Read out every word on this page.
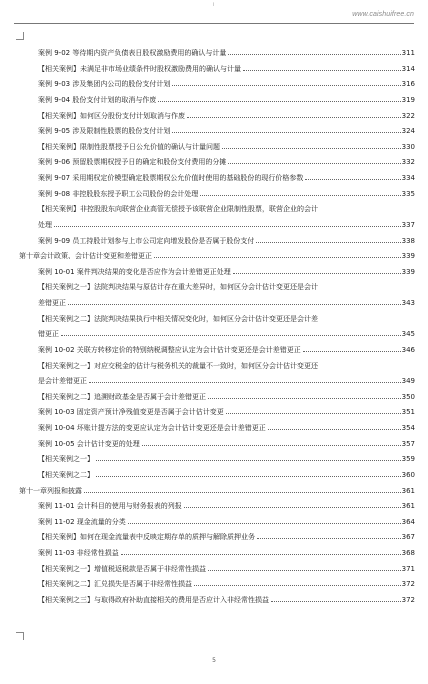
i
www.caishuifree.cn
案例 9-02 等待期内资产负债表日股权激励费用的确认与计量	311
【相关案例】未满足非市场业绩条件时股权激励费用的确认与计量	314
案例 9-03 涉及集团内公司的股份支付计划	316
案例 9-04 股份支付计划的取消与作废	319
【相关案例】如何区分股份支付计划取消与作废	322
案例 9-05 涉及限制性股票的股份支付计划	324
【相关案例】限制性股票授予日公允价值的确认与计量问题	330
案例 9-06 预留股票期权授予日的确定和股份支付费用的分摊	332
案例 9-07 采用期权定价模型确定股票期权公允价值时使用的基础股份的现行价格参数	334
案例 9-08 非控股股东授予职工公司股份的会计处理	335
【相关案例】非控股股东向联营企业高管无偿授予该联营企业限制性股票，联营企业的会计
处理	337
案例 9-09 员工持股计划参与上市公司定向增发股份是否属于股份支付	338
第十章会计政策、会计估计变更和差错更正	339
案例 10-01 案件判决结果的变化是否应作为会计差错更正处理	339
【相关案例之一】法院判决结果与原估计存在重大差异时，如何区分会计估计变更还是会计
差错更正	343
【相关案例之二】法院判决结果执行中相关情况变化时，如何区分会计估计变更还是会计差
错更正	345
案例 10-02 关联方转移定价的特别纳税调整应认定为会计估计变更还是会计差错更正	346
【相关案例之一】对应交税金的估计与税务机关的裁量不一致时，如何区分会计估计变更还
是会计差错更正	349
【相关案例之二】追溯财政基金是否属于会计差错更正	350
案例 10-03 固定资产预计净残值变更是否属于会计估计变更	351
案例 10-04 坏账计提方法的变更应认定为会计估计变更还是会计差错更正	354
案例 10-05 会计估计变更的处理	357
【相关案例之一】	359
【相关案例之二】	360
第十一章列报和披露	361
案例 11-01 会计科目的使用与财务报表的列报	361
案例 11-02 现金流量的分类	364
【相关案例】如何在现金流量表中反映定期存单的质押与解除质押业务	367
案例 11-03 非经常性损益	368
【相关案例之一】增值税返税款是否属于非经常性损益	371
【相关案例之二】汇兑损失是否属于非经常性损益	372
【相关案例之三】与取得政府补助直接相关的费用是否应计入非经常性损益	372
5
